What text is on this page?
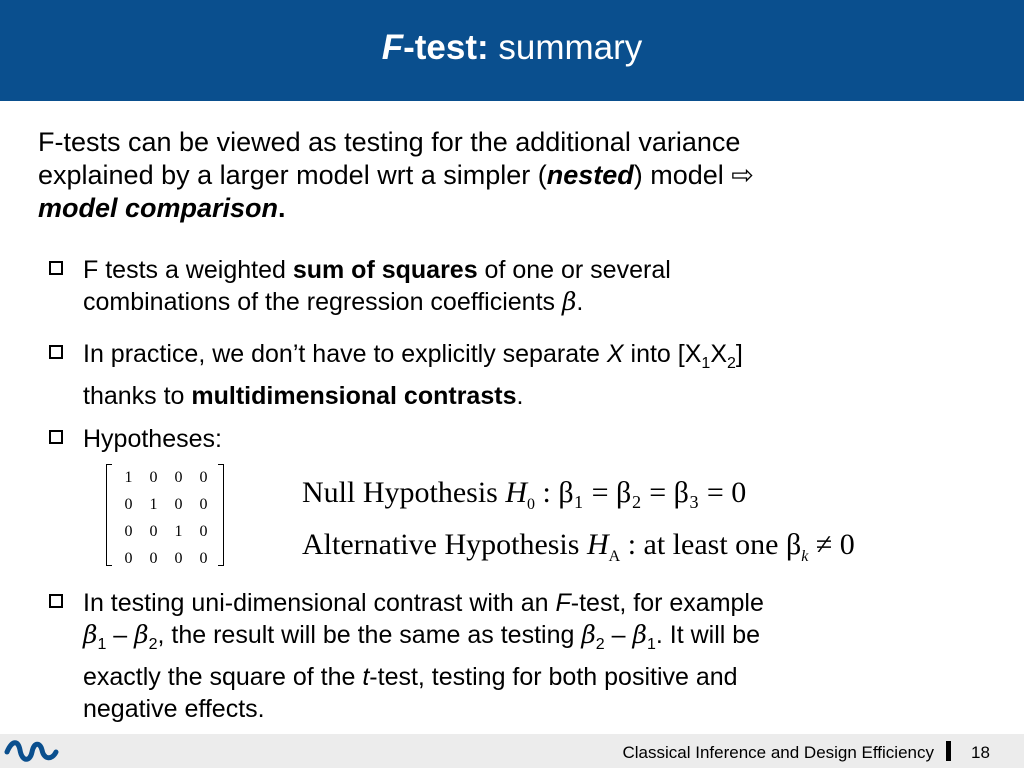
F-test: summary
F-tests can be viewed as testing for the additional variance
explained by a larger model wrt a simpler (nested) model ⇨
model comparison.
F tests a weighted sum of squares of one or several
combinations of the regression coefficients β.
In practice, we don’t have to explicitly separate X into $[X_1X_2]$
thanks to multidimensional contrasts.
Hypotheses:
1	0	0	0
0	1	0	0
0	0	1	0
0	0	0	0
Null Hypothesis $H_0$ : β₁ = β₂ = β₃ = 0
Alternative Hypothesis $H_A$ : at least one $\beta_k \ne 0$
In testing uni-dimensional contrast with an F-test, for example
$\beta_1 - \beta_2$, the result will be the same as testing $\beta_2 - \beta_1$. It will be
exactly the square of the t-test, testing for both positive and
negative effects.
Classical Inference and Design Efficiency 18
